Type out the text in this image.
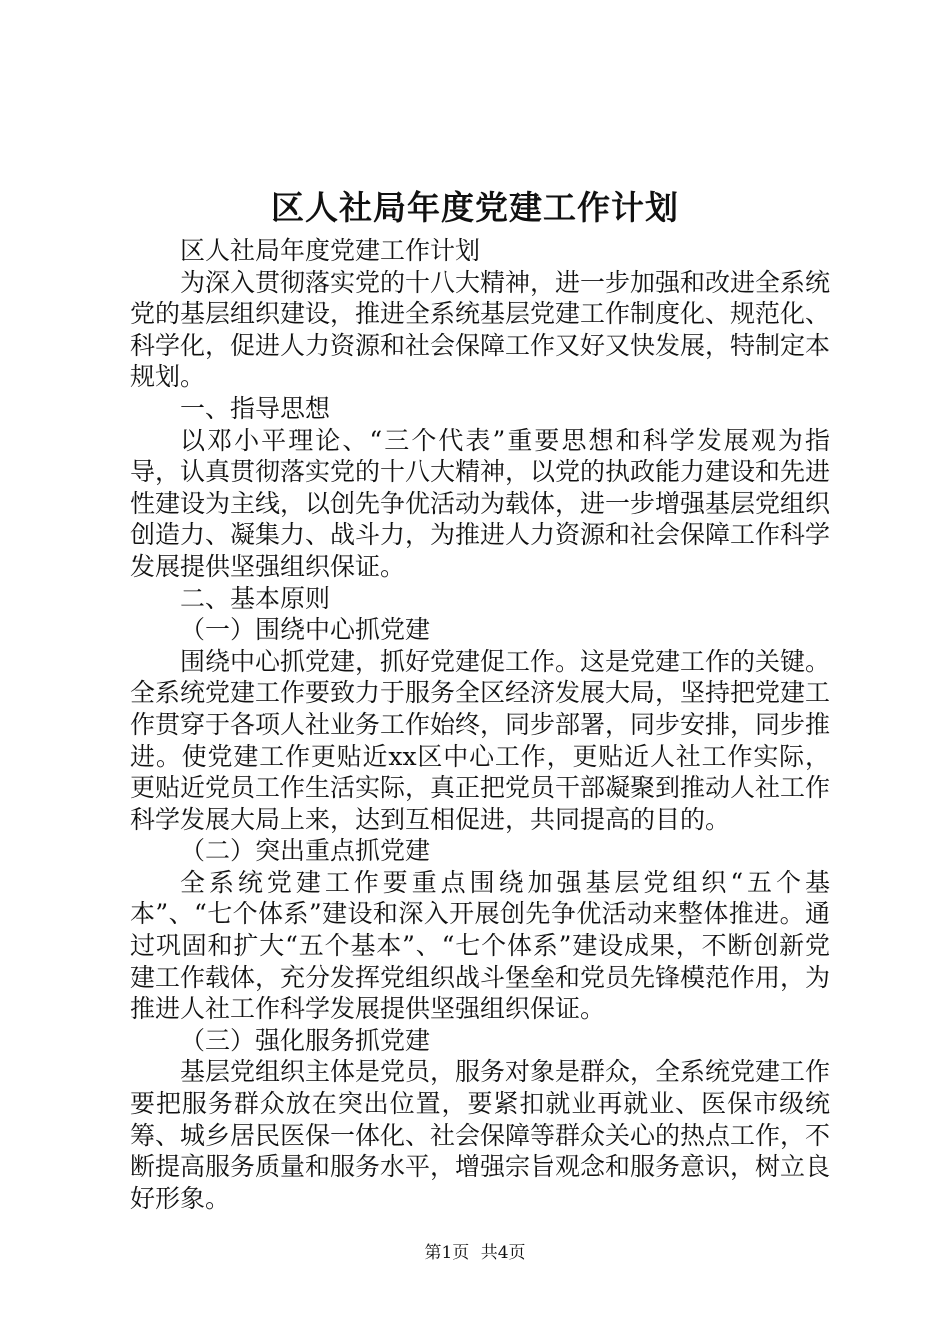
区人社局年度党建工作计划

区人社局年度党建工作计划

为深入贯彻落实党的十八大精神，进一步加强和改进全系统党的基层组织建设，推进全系统基层党建工作制度化、规范化、科学化，促进人力资源和社会保障工作又好又快发展，特制定本规划。

一、指导思想

以邓小平理论、“三个代表”重要思想和科学发展观为指导，认真贯彻落实党的十八大精神，以党的执政能力建设和先进性建设为主线，以创先争优活动为载体，进一步增强基层党组织创造力、凝集力、战斗力，为推进人力资源和社会保障工作科学发展提供坚强组织保证。

二、基本原则

（一）围绕中心抓党建

围绕中心抓党建，抓好党建促工作。这是党建工作的关键。全系统党建工作要致力于服务全区经济发展大局，坚持把党建工作贯穿于各项人社业务工作始终，同步部署，同步安排，同步推进。使党建工作更贴近xx区中心工作，更贴近人社工作实际，更贴近党员工作生活实际，真正把党员干部凝聚到推动人社工作科学发展大局上来，达到互相促进，共同提高的目的。

（二）突出重点抓党建

全系统党建工作要重点围绕加强基层党组织“五个基本”、“七个体系”建设和深入开展创先争优活动来整体推进。通过巩固和扩大“五个基本”、“七个体系”建设成果，不断创新党建工作载体，充分发挥党组织战斗堡垒和党员先锋模范作用，为推进人社工作科学发展提供坚强组织保证。

（三）强化服务抓党建

基层党组织主体是党员，服务对象是群众，全系统党建工作要把服务群众放在突出位置，要紧扣就业再就业、医保市级统筹、城乡居民医保一体化、社会保障等群众关心的热点工作，不断提高服务质量和服务水平，增强宗旨观念和服务意识，树立良好形象。

第1页 共4页
